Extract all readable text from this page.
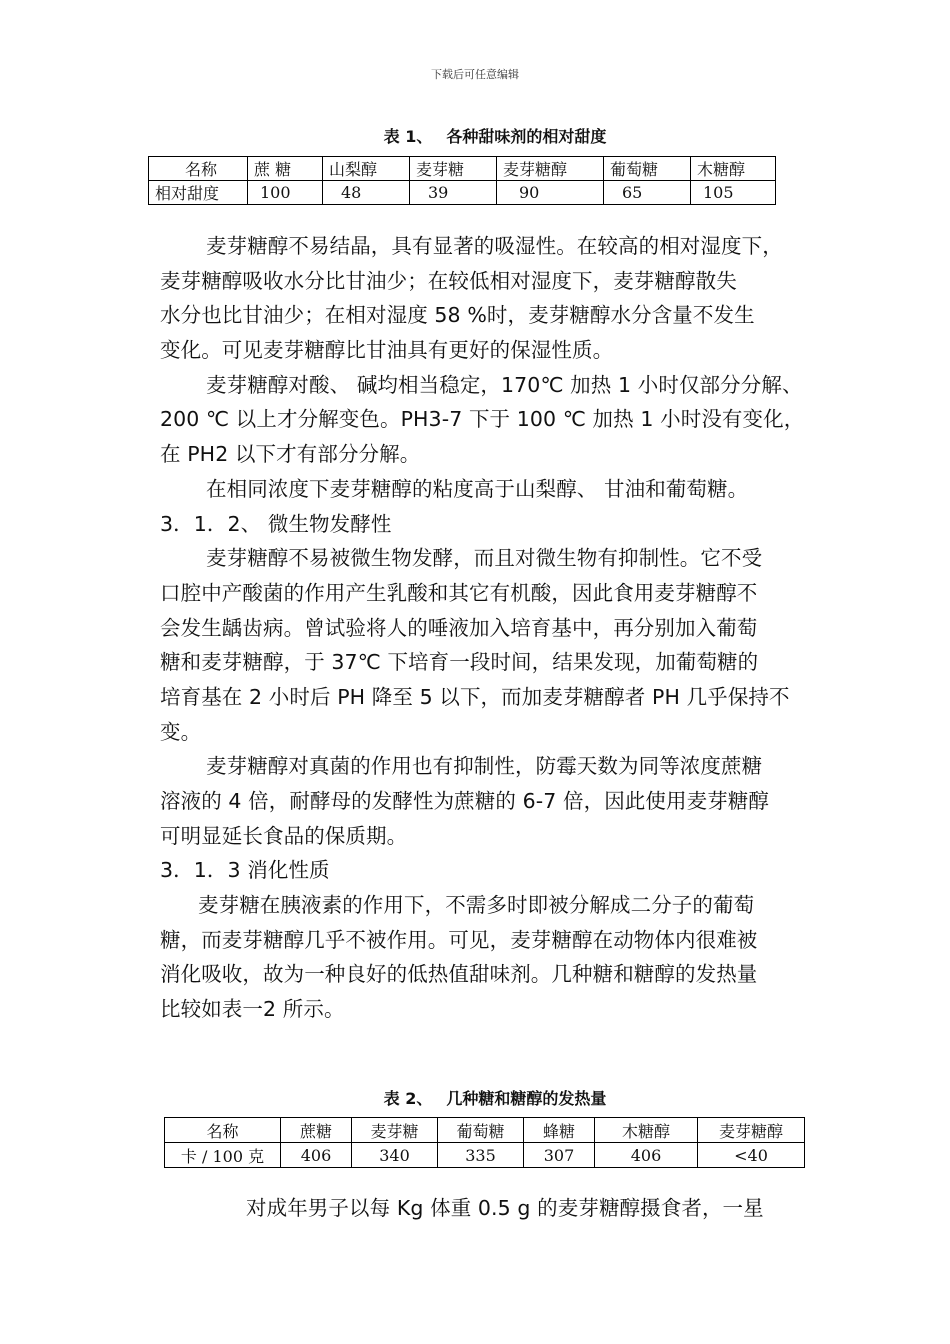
下载后可任意编辑
表 1、 各种甜味剂的相对甜度
名称	蔗 糖	山梨醇	麦芽糖	麦芽糖醇	葡萄糖	木糖醇
相对甜度	100	48	39	90	65	105
麦芽糖醇不易结晶，具有显著的吸湿性。在较高的相对湿度下，
麦芽糖醇吸收水分比甘油少；在较低相对湿度下，麦芽糖醇散失
水分也比甘油少；在相对湿度 58 %时，麦芽糖醇水分含量不发生
变化。可见麦芽糖醇比甘油具有更好的保湿性质。
麦芽糖醇对酸、 碱均相当稳定，170℃ 加热 1 小时仅部分分解、
200 ℃ 以上才分解变色。PH3-7 下于 100 ℃ 加热 1 小时没有变化，
在 PH2 以下才有部分分解。
在相同浓度下麦芽糖醇的粘度高于山梨醇、 甘油和葡萄糖。
3．1．2、 微生物发酵性
麦芽糖醇不易被微生物发酵，而且对微生物有抑制性。它不受
口腔中产酸菌的作用产生乳酸和其它有机酸，因此食用麦芽糖醇不
会发生龋齿病。曾试验将人的唾液加入培育基中，再分别加入葡萄
糖和麦芽糖醇，于 37℃ 下培育一段时间，结果发现，加葡萄糖的
培育基在 2 小时后 PH 降至 5 以下，而加麦芽糖醇者 PH 几乎保持不
变。
麦芽糖醇对真菌的作用也有抑制性，防霉天数为同等浓度蔗糖
溶液的 4 倍，耐酵母的发酵性为蔗糖的 6-7 倍，因此使用麦芽糖醇
可明显延长食品的保质期。
3．1．3 消化性质
麦芽糖在胰液素的作用下，不需多时即被分解成二分子的葡萄
糖，而麦芽糖醇几乎不被作用。可见，麦芽糖醇在动物体内很难被
消化吸收，故为一种良好的低热值甜味剂。几种糖和糖醇的发热量
比较如表一2 所示。
表 2、 几种糖和糖醇的发热量
名称	蔗糖	麦芽糖	葡萄糖	蜂糖	木糖醇	麦芽糖醇
卡 / 100 克	406	340	335	307	406	<40
对成年男子以每 Kg 体重 0.5 g 的麦芽糖醇摄食者，一星
